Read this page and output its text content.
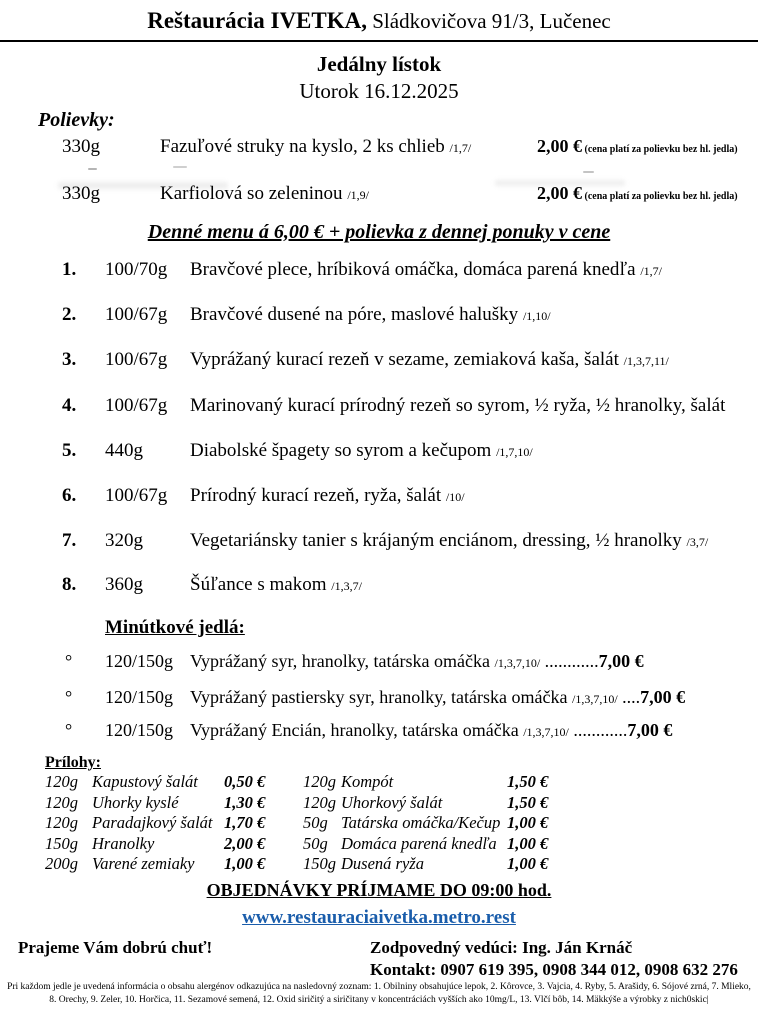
Reštaurácia IVETKA, Sládkovičova 91/3, Lučenec
Jedálny lístok
Utorok 16.12.2025
Polievky:
330g	Fazuľové struky na kyslo, 2 ks chlieb /1,7/	2,00 € (cena platí za polievku bez hl. jedla)
330g	Karfiolová so zeleninou /1,9/	2,00 € (cena platí za polievku bez hl. jedla)
Denné menu á 6,00 € + polievka z dennej ponuky v cene
1. 100/70g Bravčové plece, hríbiková omáčka, domáca parená knedľa /1,7/
2. 100/67g Bravčové dusené na póre, maslové halušky /1,10/
3. 100/67g Vyprážaný kurací rezeň v sezame, zemiaková kaša, šalát /1,3,7,11/
4. 100/67g Marinovaný kurací prírodný rezeň so syrom, ½ ryža, ½ hranolky, šalát
5. 440g Diabolské špagety so syrom a kečupom /1,7,10/
6. 100/67g Prírodný kurací rezeň, ryža, šalát /10/
7. 320g Vegetariánsky tanier s krájaným enciánom, dressing, ½ hranolky /3,7/
8. 360g Šúľance s makom /1,3,7/
Minútkové jedlá:
° 120/150g Vyprážaný syr, hranolky, tatárska omáčka /1,3,7,10/ ............7,00 €
° 120/150g Vyprážaný pastiersky syr, hranolky, tatárska omáčka /1,3,7,10/ ....7,00 €
° 120/150g Vyprážaný Encián, hranolky, tatárska omáčka /1,3,7,10/ ............7,00 €
Prílohy:
120g Kapustový šalát	0,50 €	120g Kompót	1,50 €
120g Uhorky kyslé	1,30 €	120g Uhorkový šalát	1,50 €
120g Paradajkový šalát 1,70 €	50g Tatárska omáčka/Kečup 1,00 €
150g Hranolky	2,00 €	50g Domáca parená knedľa 1,00 €
200g Varené zemiaky	1,00 €	150g Dusená ryža	1,00 €
OBJEDNÁVKY PRÍJMAME DO 09:00 hod.
www.restauraciaivetka.metro.rest
Prajeme Vám dobrú chuť!	Zodpovedný vedúci: Ing. Ján Krnáč
Kontakt: 0907 619 395, 0908 344 012, 0908 632 276
Pri každom jedle je uvedená informácia o obsahu alergénov odkazujúca na nasledovný zoznam: 1. Obilniny obsahujúce lepok, 2. Kôrovce, 3. Vajcia, 4. Ryby, 5. Arašidy, 6. Sójové zrná, 7. Mlieko,
8. Orechy, 9. Zeler, 10. Horčica, 11. Sezamové semená, 12. Oxid siričitý a siričitany v koncentráciách vyšších ako 10mg/L, 13. Vlčí bôb, 14. Mäkkýše a výrobky z nich0skic|
